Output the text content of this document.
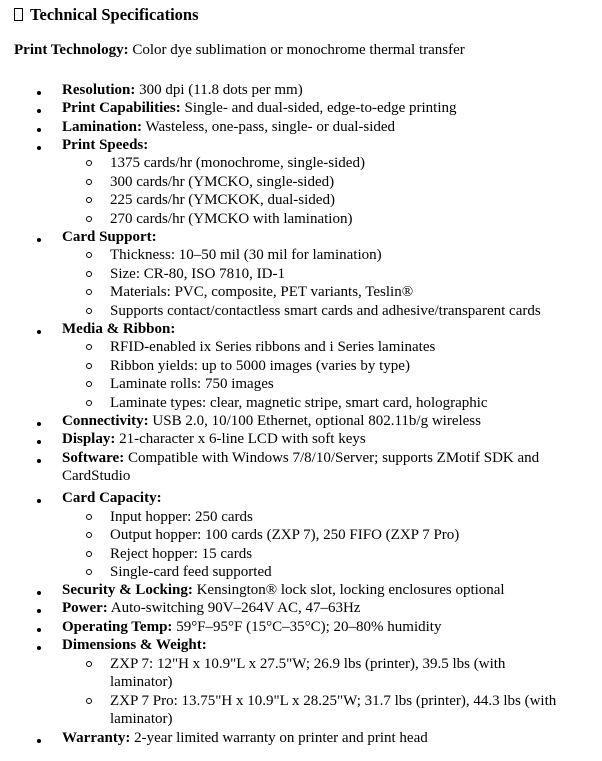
Technical Specifications
Print Technology: Color dye sublimation or monochrome thermal transfer
Resolution: 300 dpi (11.8 dots per mm)
Print Capabilities: Single- and dual-sided, edge-to-edge printing
Lamination: Wasteless, one-pass, single- or dual-sided
Print Speeds:
1375 cards/hr (monochrome, single-sided)
300 cards/hr (YMCKO, single-sided)
225 cards/hr (YMCKOK, dual-sided)
270 cards/hr (YMCKO with lamination)
Card Support:
Thickness: 10–50 mil (30 mil for lamination)
Size: CR-80, ISO 7810, ID-1
Materials: PVC, composite, PET variants, Teslin®
Supports contact/contactless smart cards and adhesive/transparent cards
Media & Ribbon:
RFID-enabled ix Series ribbons and i Series laminates
Ribbon yields: up to 5000 images (varies by type)
Laminate rolls: 750 images
Laminate types: clear, magnetic stripe, smart card, holographic
Connectivity: USB 2.0, 10/100 Ethernet, optional 802.11b/g wireless
Display: 21-character x 6-line LCD with soft keys
Software: Compatible with Windows 7/8/10/Server; supports ZMotif SDK and
CardStudio
Card Capacity:
Input hopper: 250 cards
Output hopper: 100 cards (ZXP 7), 250 FIFO (ZXP 7 Pro)
Reject hopper: 15 cards
Single-card feed supported
Security & Locking: Kensington® lock slot, locking enclosures optional
Power: Auto-switching 90V–264V AC, 47–63Hz
Operating Temp: 59°F–95°F (15°C–35°C); 20–80% humidity
Dimensions & Weight:
ZXP 7: 12"H x 10.9"L x 27.5"W; 26.9 lbs (printer), 39.5 lbs (with
laminator)
ZXP 7 Pro: 13.75"H x 10.9"L x 28.25"W; 31.7 lbs (printer), 44.3 lbs (with
laminator)
Warranty: 2-year limited warranty on printer and print head
